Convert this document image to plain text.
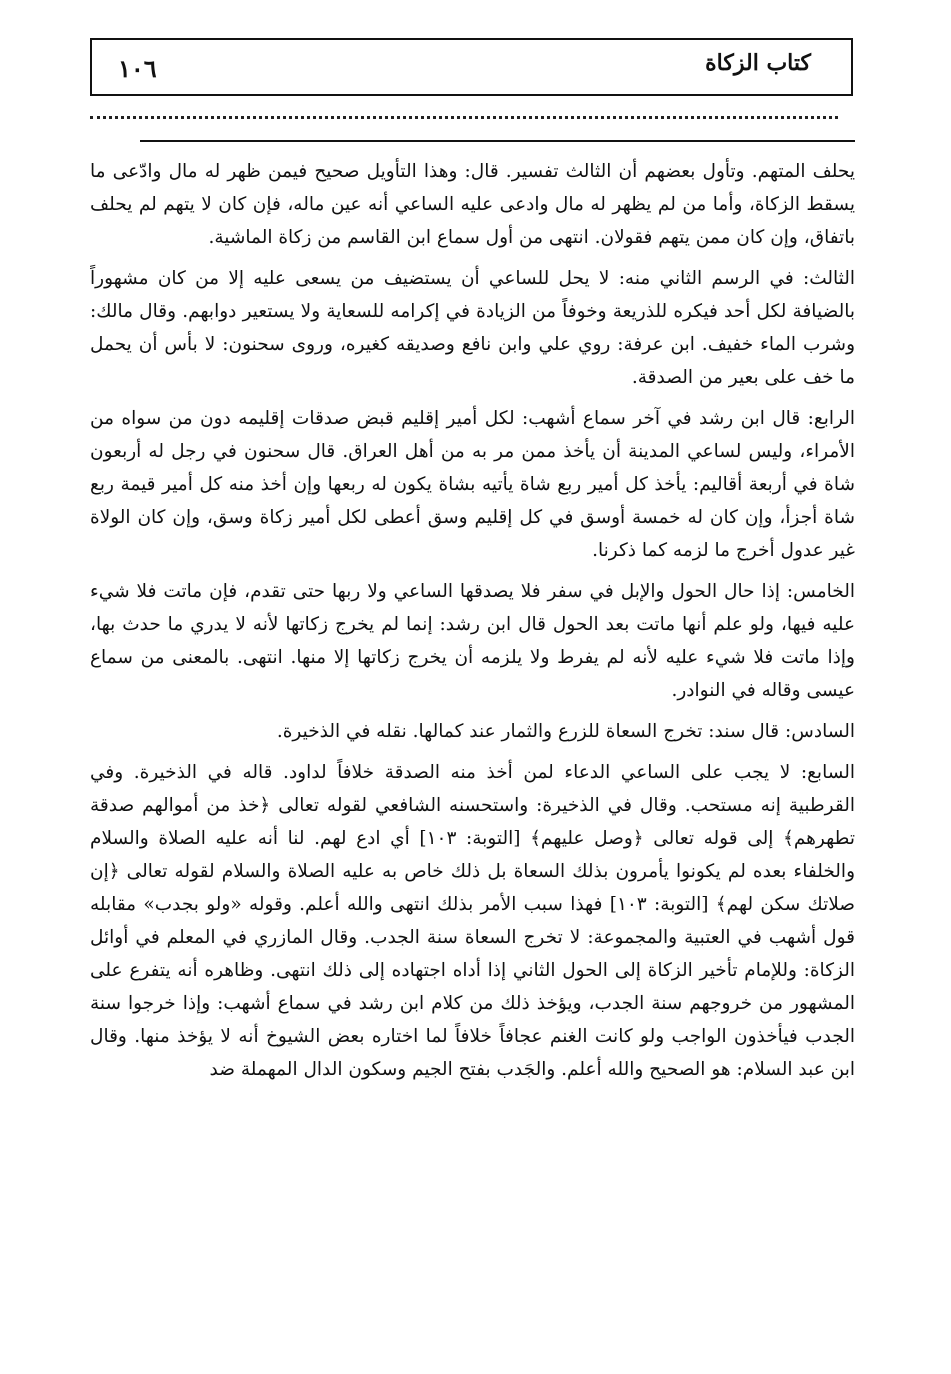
كتاب الزكاة
١٠٦

يحلف المتهم. وتأول بعضهم أن الثالث تفسير. قال: وهذا التأويل صحيح فيمن ظهر له مال وادّعى ما يسقط الزكاة، وأما من لم يظهر له مال وادعى عليه الساعي أنه عين ماله، فإن كان لا يتهم لم يحلف باتفاق، وإن كان ممن يتهم فقولان. انتهى من أول سماع ابن القاسم من زكاة الماشية.

الثالث: في الرسم الثاني منه: لا يحل للساعي أن يستضيف من يسعى عليه إلا من كان مشهوراً بالضيافة لكل أحد فيكره للذريعة وخوفاً من الزيادة في إكرامه للسعاية ولا يستعير دوابهم. وقال مالك: وشرب الماء خفيف. ابن عرفة: روي علي وابن نافع وصديقه كغيره، وروى سحنون: لا بأس أن يحمل ما خف على بعير من الصدقة.

الرابع: قال ابن رشد في آخر سماع أشهب: لكل أمير إقليم قبض صدقات إقليمه دون من سواه من الأمراء، وليس لساعي المدينة أن يأخذ ممن مر به من أهل العراق. قال سحنون في رجل له أربعون شاة في أربعة أقاليم: يأخذ كل أمير ربع شاة يأتيه بشاة يكون له ربعها وإن أخذ منه كل أمير قيمة ربع شاة أجزأ، وإن كان له خمسة أوسق في كل إقليم وسق أعطى لكل أمير زكاة وسق، وإن كان الولاة غير عدول أخرج ما لزمه كما ذكرنا.

الخامس: إذا حال الحول والإبل في سفر فلا يصدقها الساعي ولا ربها حتى تقدم، فإن ماتت فلا شيء عليه فيها، ولو علم أنها ماتت بعد الحول قال ابن رشد: إنما لم يخرج زكاتها لأنه لا يدري ما حدث بها، وإذا ماتت فلا شيء عليه لأنه لم يفرط ولا يلزمه أن يخرج زكاتها إلا منها. انتهى. بالمعنى من سماع عيسى وقاله في النوادر.

السادس: قال سند: تخرج السعاة للزرع والثمار عند كمالها. نقله في الذخيرة.

السابع: لا يجب على الساعي الدعاء لمن أخذ منه الصدقة خلافاً لداود. قاله في الذخيرة. وفي القرطبية إنه مستحب. وقال في الذخيرة: واستحسنه الشافعي لقوله تعالى ﴿خذ من أموالهم صدقة تطهرهم﴾ إلى قوله تعالى ﴿وصل عليهم﴾ [التوبة: ١٠٣] أي ادع لهم. لنا أنه عليه الصلاة والسلام والخلفاء بعده لم يكونوا يأمرون بذلك السعاة بل ذلك خاص به عليه الصلاة والسلام لقوله تعالى ﴿إن صلاتك سكن لهم﴾ [التوبة: ١٠٣] فهذا سبب الأمر بذلك انتهى والله أعلم. وقوله «ولو بجدب» مقابله قول أشهب في العتبية والمجموعة: لا تخرج السعاة سنة الجدب. وقال المازري في المعلم في أوائل الزكاة: وللإمام تأخير الزكاة إلى الحول الثاني إذا أداه اجتهاده إلى ذلك انتهى. وظاهره أنه يتفرع على المشهور من خروجهم سنة الجدب، ويؤخذ ذلك من كلام ابن رشد في سماع أشهب: وإذا خرجوا سنة الجدب فيأخذون الواجب ولو كانت الغنم عجافاً خلافاً لما اختاره بعض الشيوخ أنه لا يؤخذ منها. وقال ابن عبد السلام: هو الصحيح والله أعلم. والجَدب بفتح الجيم وسكون الدال المهملة ضد
